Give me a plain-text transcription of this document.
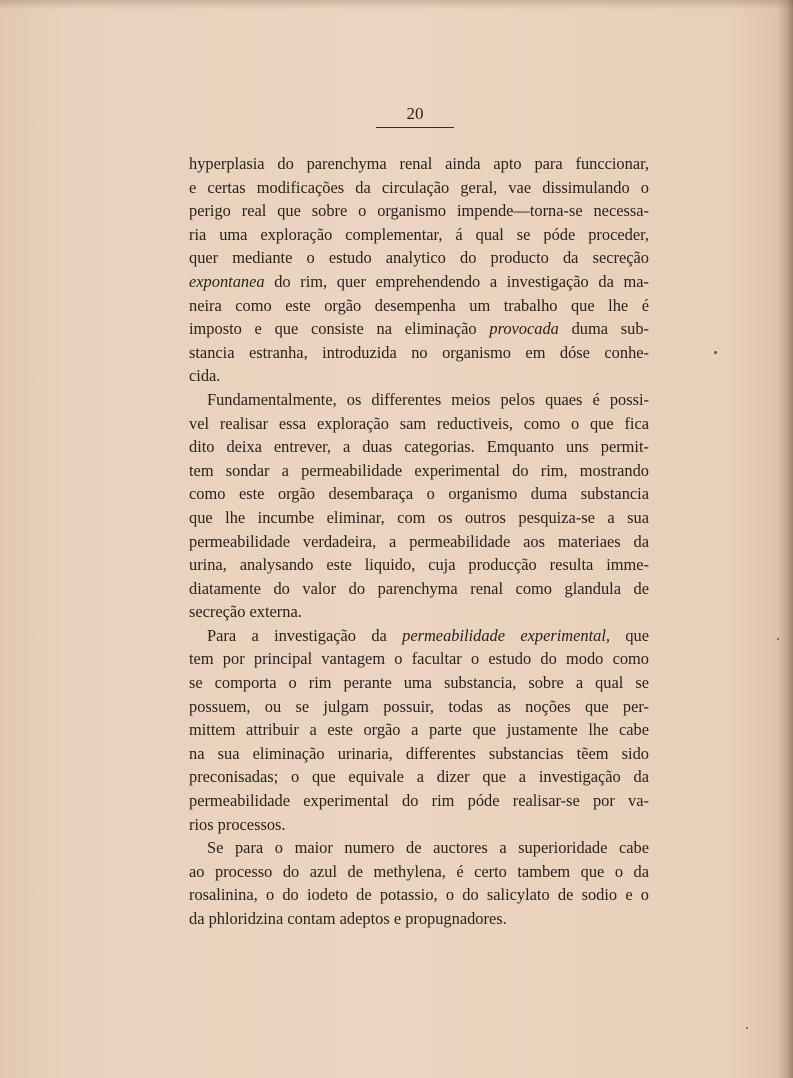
20
hyperplasia do parenchyma renal ainda apto para funccionar,
e certas modificações da circulação geral, vae dissimulando o
perigo real que sobre o organismo impende—torna-se necessa-
ria uma exploração complementar, á qual se póde proceder,
quer mediante o estudo analytico do producto da secreção
expontanea do rim, quer emprehendendo a investigação da ma-
neira como este orgão desempenha um trabalho que lhe é
imposto e que consiste na eliminação provocada duma sub-
stancia estranha, introduzida no organismo em dóse conhe-
cida.
Fundamentalmente, os differentes meios pelos quaes é possi-
vel realisar essa exploração sam reductiveis, como o que fica
dito deixa entrever, a duas categorias. Emquanto uns permit-
tem sondar a permeabilidade experimental do rim, mostrando
como este orgão desembaraça o organismo duma substancia
que lhe incumbe eliminar, com os outros pesquiza-se a sua
permeabilidade verdadeira, a permeabilidade aos materiaes da
urina, analysando este liquido, cuja producção resulta imme-
diatamente do valor do parenchyma renal como glandula de
secreção externa.
Para a investigação da permeabilidade experimental, que
tem por principal vantagem o facultar o estudo do modo como
se comporta o rim perante uma substancia, sobre a qual se
possuem, ou se julgam possuir, todas as noções que per-
mittem attribuir a este orgão a parte que justamente lhe cabe
na sua eliminação urinaria, differentes substancias tẽem sido
preconisadas; o que equivale a dizer que a investigação da
permeabilidade experimental do rim póde realisar-se por va-
rios processos.
Se para o maior numero de auctores a superioridade cabe
ao processo do azul de methylena, é certo tambem que o da
rosalinina, o do iodeto de potassio, o do salicylato de sodio e o
da phloridzina contam adeptos e propugnadores.
